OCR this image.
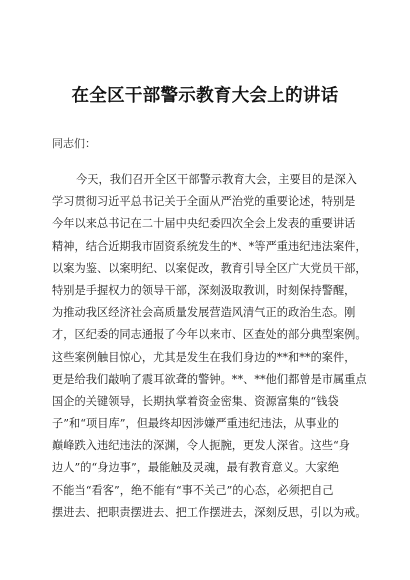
在全区干部警示教育大会上的讲话
同志们：
今天，我们召开全区干部警示教育大会，主要目的是深入
学习贯彻习近平总书记关于全面从严治党的重要论述，特别是
今年以来总书记在二十届中央纪委四次全会上发表的重要讲话
精神，结合近期我市固资系统发生的*、*等严重违纪违法案件，
以案为鉴、以案明纪、以案促改，教育引导全区广大党员干部，
特别是手握权力的领导干部，深刻汲取教训，时刻保持警醒，
为推动我区经济社会高质量发展营造风清气正的政治生态。刚
才，区纪委的同志通报了今年以来市、区查处的部分典型案例。
这些案例触目惊心，尤其是发生在我们身边的**和**的案件，
更是给我们敲响了震耳欲聋的警钟。**、**他们都曾是市属重点
国企的关键领导，长期执掌着资金密集、资源富集的“钱袋
子”和“项目库”，但最终却因涉嫌严重违纪违法，从事业的
巅峰跌入违纪违法的深渊，令人扼腕，更发人深省。这些“身
边人”的“身边事”，最能触及灵魂，最有教育意义。大家绝
不能当“看客”，绝不能有“事不关己”的心态，必须把自己
摆进去、把职责摆进去、把工作摆进去，深刻反思，引以为戒。
